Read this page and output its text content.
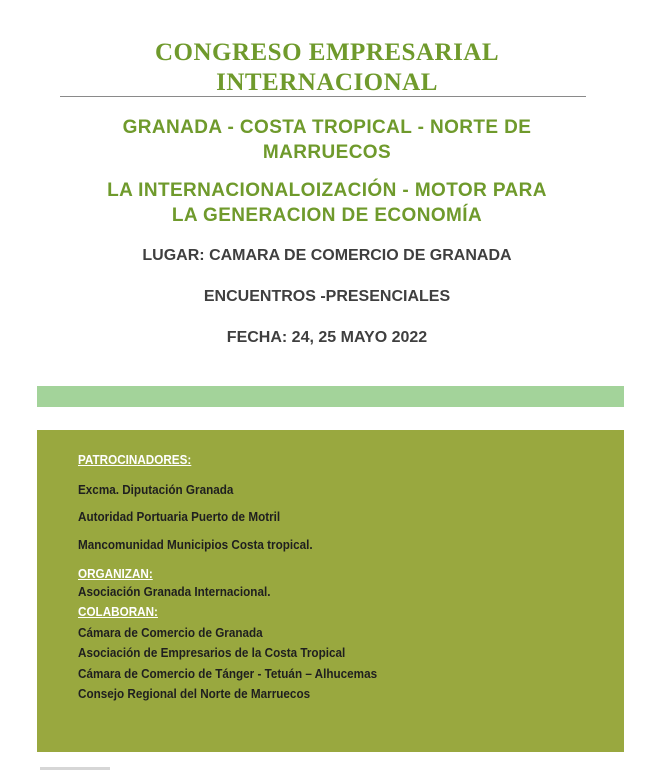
CONGRESO EMPRESARIAL
INTERNACIONAL
GRANADA - COSTA TROPICAL - NORTE DE
MARRUECOS
LA INTERNACIONALOIZACIÓN - MOTOR PARA
LA GENERACION DE ECONOMÍA
LUGAR: CAMARA DE COMERCIO DE GRANADA
ENCUENTROS -PRESENCIALES
FECHA: 24, 25 MAYO 2022
PATROCINADORES:
Excma. Diputación Granada
Autoridad Portuaria Puerto de Motril
Mancomunidad Municipios Costa tropical.
ORGANIZAN:
Asociación Granada Internacional.
COLABORAN:
Cámara de Comercio de Granada
Asociación de Empresarios de la Costa Tropical
Cámara de Comercio de Tánger - Tetuán – Alhucemas
Consejo Regional del Norte de Marruecos
